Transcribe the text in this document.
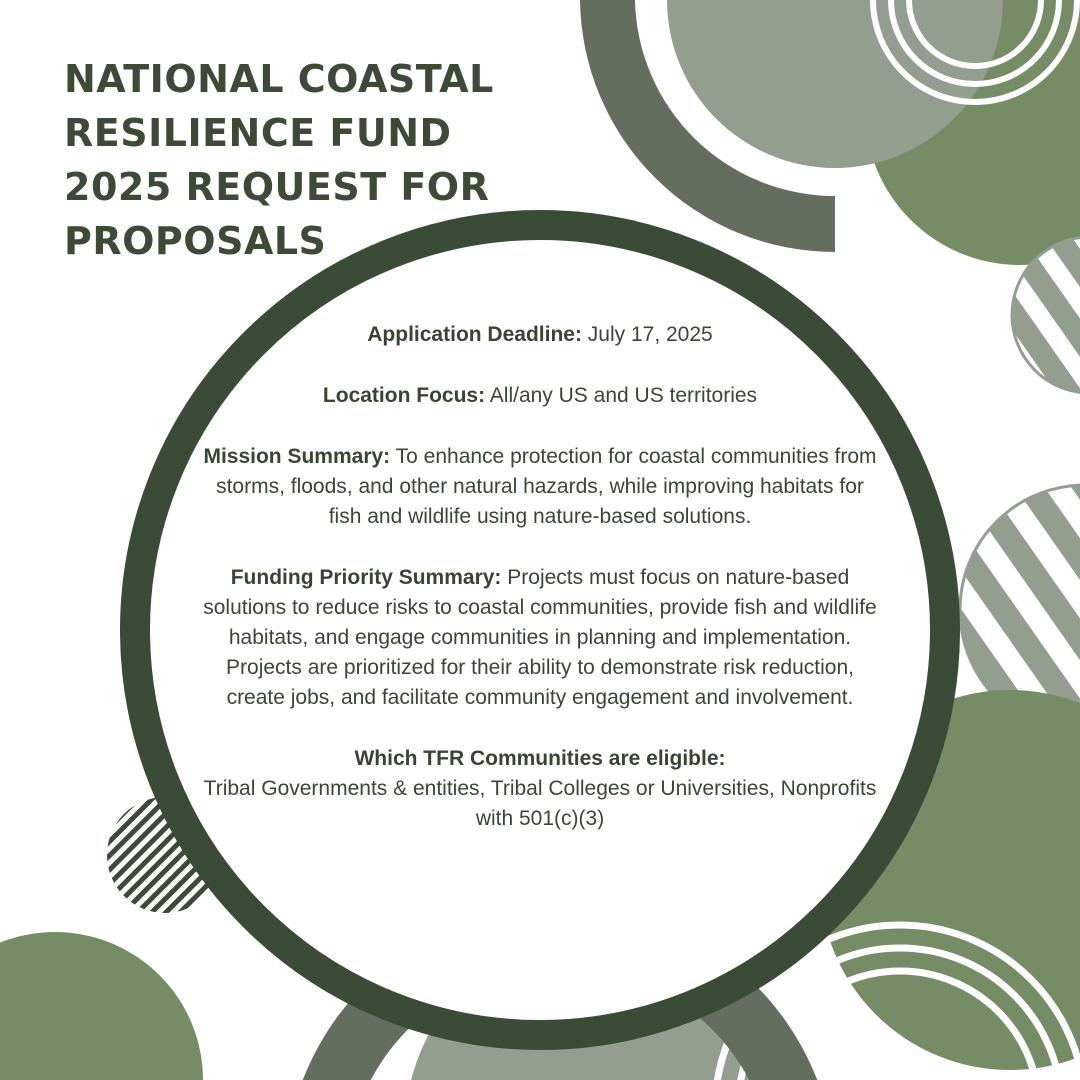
NATIONAL COASTAL
RESILIENCE FUND
2025 REQUEST FOR
PROPOSALS

Application Deadline: July 17, 2025

Location Focus: All/any US and US territories

Mission Summary: To enhance protection for coastal communities from storms, floods, and other natural hazards, while improving habitats for fish and wildlife using nature-based solutions.

Funding Priority Summary: Projects must focus on nature-based solutions to reduce risks to coastal communities, provide fish and wildlife habitats, and engage communities in planning and implementation. Projects are prioritized for their ability to demonstrate risk reduction, create jobs, and facilitate community engagement and involvement.

Which TFR Communities are eligible:
Tribal Governments & entities, Tribal Colleges or Universities, Nonprofits with 501(c)(3)
